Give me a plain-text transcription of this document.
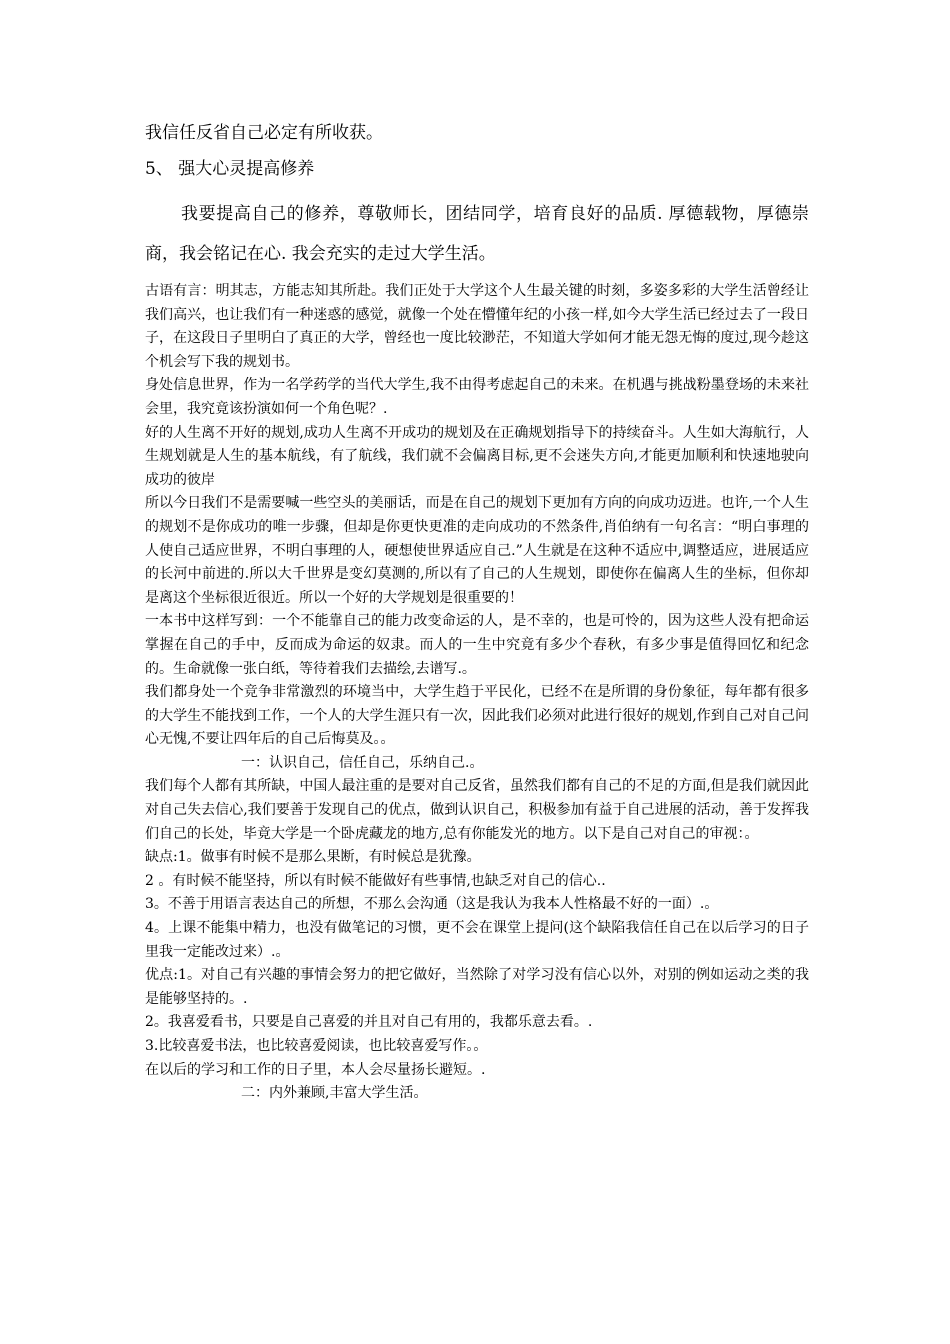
我信任反省自己必定有所收获。

5、 强大心灵提高修养

我要提高自己的修养，尊敬师长，团结同学，培育良好的品质. 厚德载物，厚德崇商，我会铭记在心. 我会充实的走过大学生活。

古语有言：明其志，方能志知其所赴。我们正处于大学这个人生最关键的时刻，多姿多彩的大学生活曾经让我们高兴，也让我们有一种迷惑的感觉，就像一个处在懵懂年纪的小孩一样,如今大学生活已经过去了一段日子，在这段日子里明白了真正的大学，曾经也一度比较渺茫，不知道大学如何才能无怨无悔的度过,现今趁这个机会写下我的规划书。

身处信息世界，作为一名学药学的当代大学生,我不由得考虑起自己的未来。在机遇与挑战粉墨登场的未来社会里，我究竟该扮演如何一个角色呢？.

好的人生离不开好的规划,成功人生离不开成功的规划及在正确规划指导下的持续奋斗。人生如大海航行，人生规划就是人生的基本航线，有了航线，我们就不会偏离目标,更不会迷失方向,才能更加顺利和快速地驶向成功的彼岸

所以今日我们不是需要喊一些空头的美丽话，而是在自己的规划下更加有方向的向成功迈进。也许,一个人生的规划不是你成功的唯一步骤，但却是你更快更准的走向成功的不然条件,肖伯纳有一句名言：“明白事理的人使自己适应世界，不明白事理的人，硬想使世界适应自己.”人生就是在这种不适应中,调整适应，进展适应的长河中前进的.所以大千世界是变幻莫测的,所以有了自己的人生规划，即使你在偏离人生的坐标，但你却是离这个坐标很近很近。所以一个好的大学规划是很重要的！

一本书中这样写到：一个不能靠自己的能力改变命运的人，是不幸的，也是可怜的，因为这些人没有把命运掌握在自己的手中，反而成为命运的奴隶。而人的一生中究竟有多少个春秋，有多少事是值得回忆和纪念的。生命就像一张白纸，等待着我们去描绘,去谱写.。

我们都身处一个竞争非常激烈的环境当中，大学生趋于平民化，已经不在是所谓的身份象征，每年都有很多的大学生不能找到工作，一个人的大学生涯只有一次，因此我们必须对此进行很好的规划,作到自己对自己问心无愧,不要让四年后的自己后悔莫及。。

一：认识自己，信任自己，乐纳自己.。

我们每个人都有其所缺，中国人最注重的是要对自己反省，虽然我们都有自己的不足的方面,但是我们就因此对自己失去信心,我们要善于发现自己的优点，做到认识自己，积极参加有益于自己进展的活动，善于发挥我们自己的长处，毕竟大学是一个卧虎藏龙的地方,总有你能发光的地方。以下是自己对自己的审视：。

缺点:1。做事有时候不是那么果断，有时候总是犹豫。

2 。有时候不能坚持，所以有时候不能做好有些事情,也缺乏对自己的信心..

3。不善于用语言表达自己的所想，不那么会沟通（这是我认为我本人性格最不好的一面）.。

4。上课不能集中精力，也没有做笔记的习惯，更不会在课堂上提问(这个缺陷我信任自己在以后学习的日子里我一定能改过来）.。

优点:1。对自己有兴趣的事情会努力的把它做好，当然除了对学习没有信心以外，对别的例如运动之类的我是能够坚持的。.

2。我喜爱看书，只要是自己喜爱的并且对自己有用的，我都乐意去看。.

3.比较喜爱书法，也比较喜爱阅读，也比较喜爱写作。。

在以后的学习和工作的日子里，本人会尽量扬长避短。.

二：内外兼顾,丰富大学生活。
